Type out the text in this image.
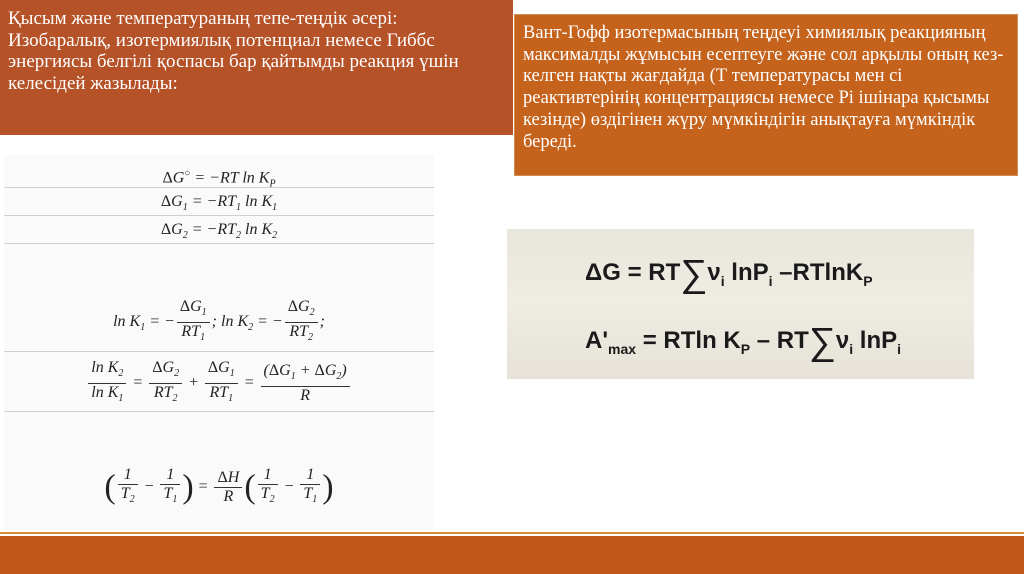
Қысым және температураның тепе-теңдік әсері: Изобаралық, изотермиялық потенциал немесе Гиббс энергиясы белгілі қоспасы бар қайтымды реакция үшін келесідей жазылады:
Вант-Гофф изотермасының теңдеуі химиялық реакцияның максималды жұмысын есептеуге және сол арқылы оның кез-келген нақты жағдайда (Т температурасы мен сі реактивтерінің концентрациясы немесе Рі ішінара қысымы кезінде) өздігінен жүру мүмкіндігін анықтауға мүмкіндік береді.
ΔG○ = −RT $\ln K_P$
$\Delta G_1 = -RT_1$ $\ln K_1$
$\Delta G_2 = -RT_2$ $\ln K_2$
$\ln K_1$ = − $\frac{\Delta G_1}{RT_1}$ ; $\ln K_2$ = − $\frac{\Delta G_2}{RT_2}$ ;
$\frac{\ln K_2}{\ln K_1} = \frac{\Delta G_2}{RT_2} + \frac{\Delta G_1}{RT_1} = \frac{(\Delta G_1 + \Delta G_2)}{R}$
( $\frac{1}{T_2} - \frac{1}{T_1}$ ) = $\frac{\Delta H}{R}$ ( $\frac{1}{T_2} - \frac{1}{T_1}$ )
$\Delta G = RT\sum\nu_i$ lnP$_i$ –RTlnK$_P$
$A'_{max} = RTln$ $K_P - RT\sum\nu_i$ lnP$_i$
